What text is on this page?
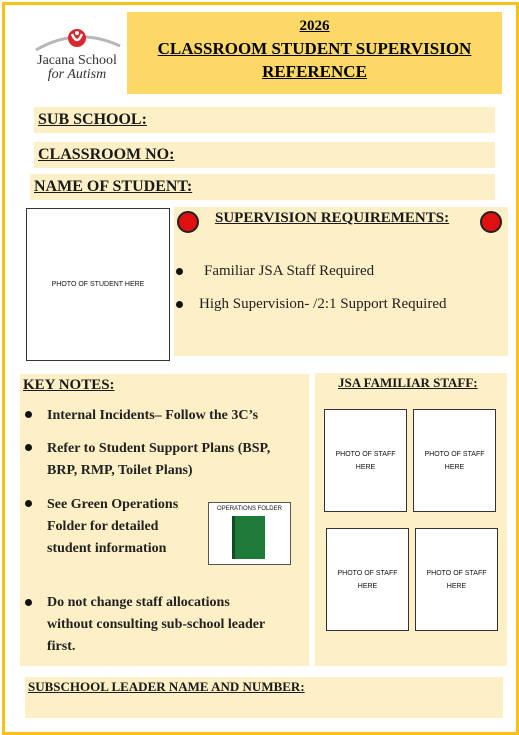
Jacana School
for Autism
2026
CLASSROOM STUDENT SUPERVISION
REFERENCE
SUB SCHOOL:
CLASSROOM NO:
NAME OF STUDENT:
PHOTO OF STUDENT HERE
SUPERVISION REQUIREMENTS:
Familiar JSA Staff Required
High Supervision- /2:1 Support Required
KEY NOTES:
Internal Incidents– Follow the 3C’s
Refer to Student Support Plans (BSP,
BRP, RMP, Toilet Plans)
See Green Operations
Folder for detailed
student information
OPERATIONS FOLDER
Do not change staff allocations
without consulting sub-school leader
first.
JSA FAMILIAR STAFF:
PHOTO OF STAFF
HERE
PHOTO OF STAFF
HERE
PHOTO OF STAFF
HERE
PHOTO OF STAFF
HERE
SUBSCHOOL LEADER NAME AND NUMBER:
